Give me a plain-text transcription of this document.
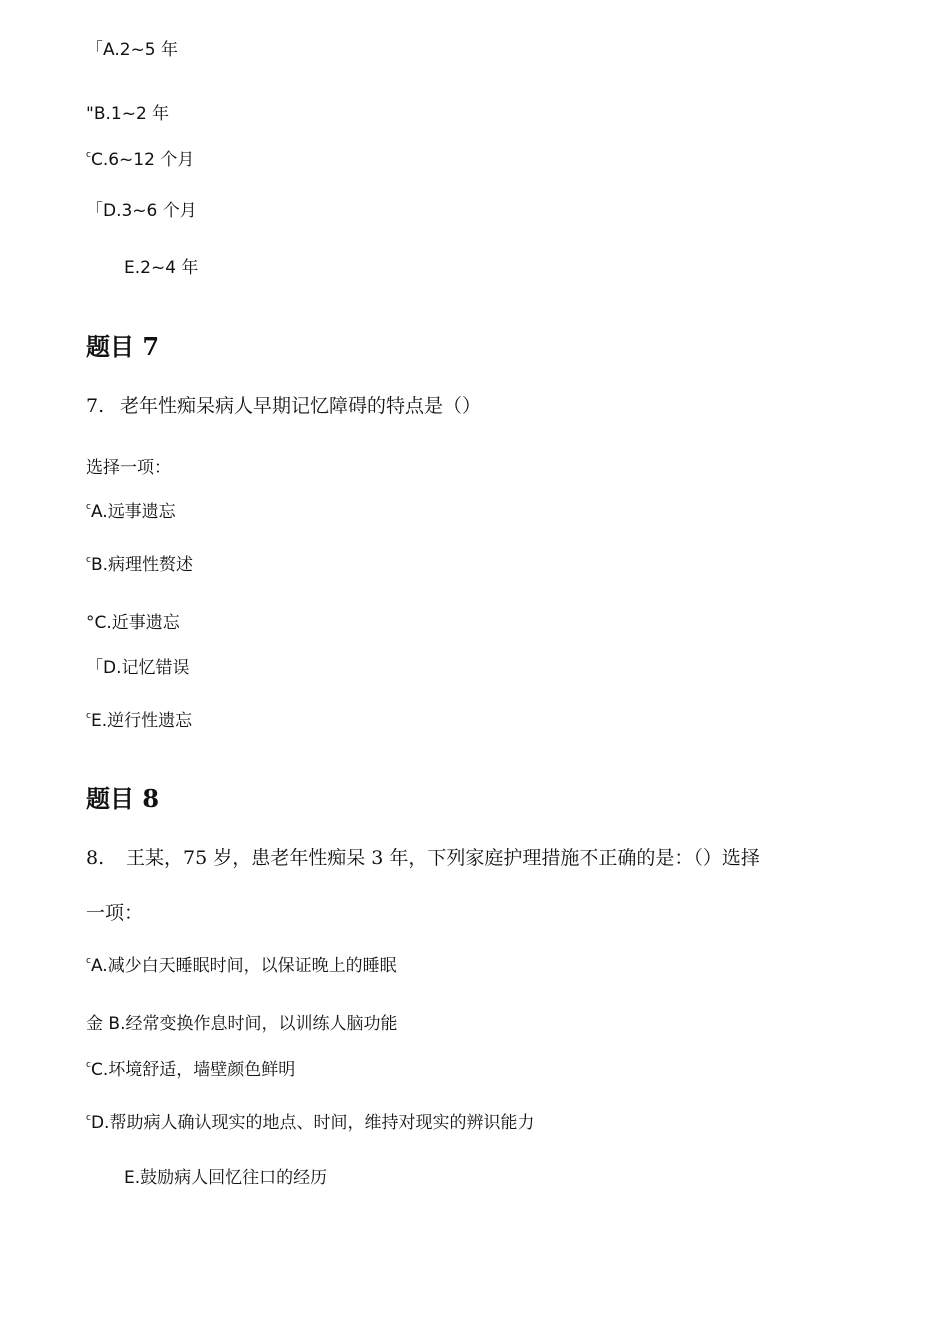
「A.2~5 年
"B.1~2 年
cC.6~12 个月
「D.3~6 个月
E.2~4 年
题目 7
7. 老年性痴呆病人早期记忆障碍的特点是（）
选择一项：
cA.远事遗忘
cB.病理性赘述
°C.近事遗忘
「D.记忆错误
cE.逆行性遗忘
题目 8
8. 王某，75 岁，患老年性痴呆 3 年，下列家庭护理措施不正确的是：（）选择
一项：
cA.减少白天睡眠时间，以保证晚上的睡眠
金 B.经常变换作息时间，以训练人脑功能
cC.坏境舒适，墙壁颜色鲜明
cD.帮助病人确认现实的地点、时间，维持对现实的辨识能力
E.鼓励病人回忆往口的经历
